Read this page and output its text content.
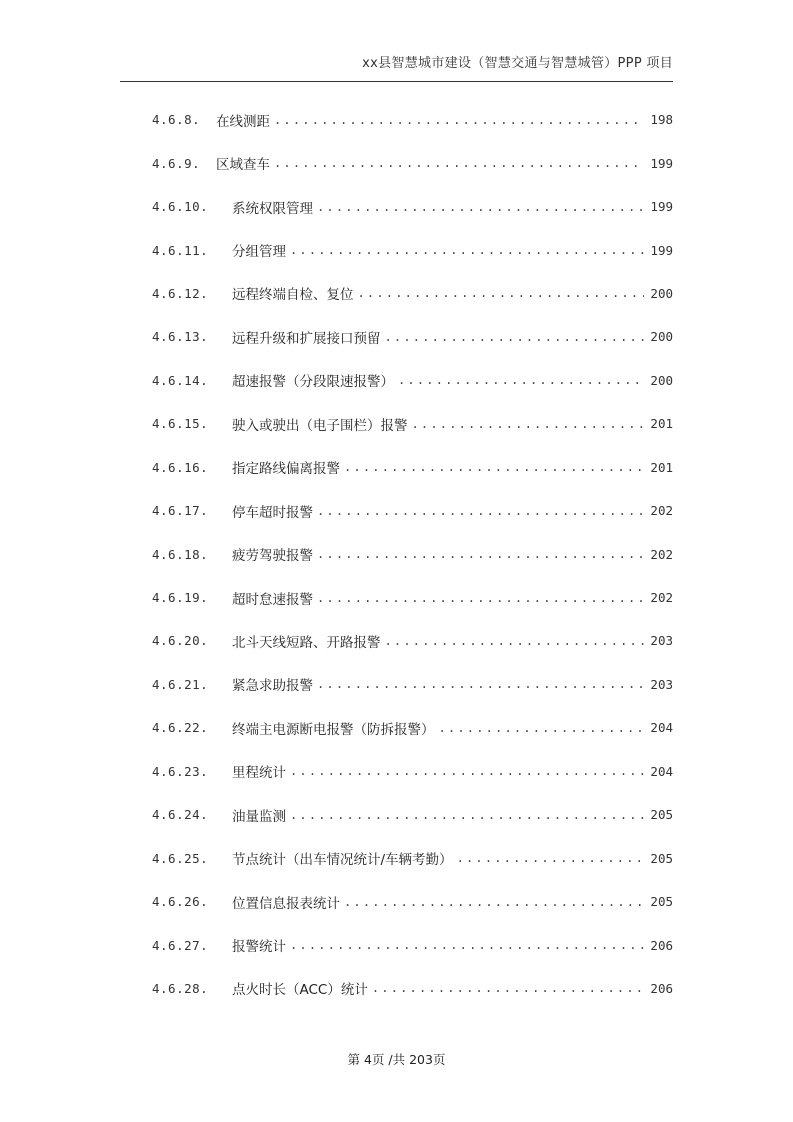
xx县智慧城市建设（智慧交通与智慧城管）PPP 项目
4.6.8.	在线测距 .....	198
4.6.9.	区域查车 .....	199
4.6.10.	系统权限管理 .....	199
4.6.11.	分组管理 .....	199
4.6.12.	远程终端自检、复位 .....	200
4.6.13.	远程升级和扩展接口预留 .....	200
4.6.14.	超速报警（分段限速报警） .....	200
4.6.15.	驶入或驶出（电子围栏）报警 .....	201
4.6.16.	指定路线偏离报警 .....	201
4.6.17.	停车超时报警 .....	202
4.6.18.	疲劳驾驶报警 .....	202
4.6.19.	超时怠速报警 .....	202
4.6.20.	北斗天线短路、开路报警 .....	203
4.6.21.	紧急求助报警 .....	203
4.6.22.	终端主电源断电报警（防拆报警） .....	204
4.6.23.	里程统计 .....	204
4.6.24.	油量监测 .....	205
4.6.25.	节点统计（出车情况统计/车辆考勤） .....	205
4.6.26.	位置信息报表统计 .....	205
4.6.27.	报警统计 .....	206
4.6.28.	点火时长（ACC）统计 .....	206
第 4页 /共 203页
